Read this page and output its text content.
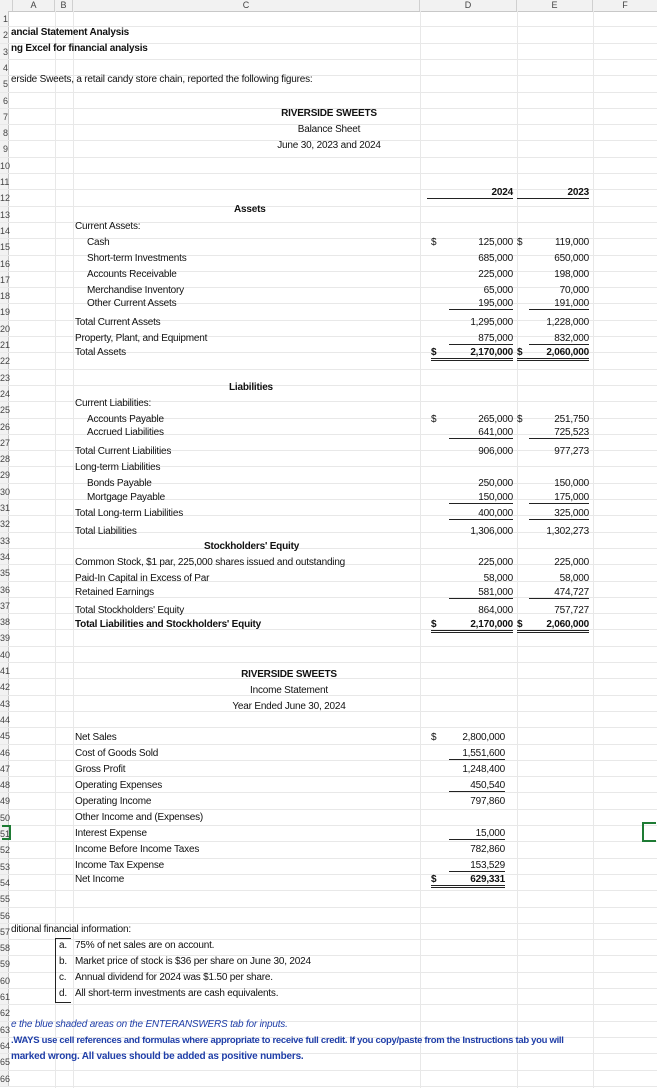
A	B	C	D	E	F
1
2
3
4
5
6
7
8
9
10
11
12
13
14
15
16
17
18
19
20
21
22
23
24
25
26
27
28
29
30
31
32
33
34
35
36
37
38
39
40
41
42
43
44
45
46
47
48
49
50
51
52
53
54
55
56
57
58
59
60
61
62
63
64
65
66
ancial Statement Analysis
ng Excel for financial analysis
erside Sweets, a retail candy store chain, reported the following figures:
RIVERSIDE SWEETS
Balance Sheet
June 30, 2023 and 2024
2024	2023
Assets
Current Assets:
Cash	$	125,000 $	119,000
Short-term Investments	685,000	650,000
Accounts Receivable	225,000	198,000
Merchandise Inventory	65,000	70,000
Other Current Assets	195,000	191,000
Total Current Assets	1,295,000	1,228,000
Property, Plant, and Equipment	875,000	832,000
Total Assets	$	2,170,000 $ 2,060,000
Liabilities
Current Liabilities:
Accounts Payable	$	265,000 $	251,750
Accrued Liabilities	641,000	725,523
Total Current Liabilities	906,000	977,273
Long-term Liabilities
Bonds Payable	250,000	150,000
Mortgage Payable	150,000	175,000
Total Long-term Liabilities	400,000	325,000
Total Liabilities	1,306,000	1,302,273
Stockholders' Equity
Common Stock, $1 par, 225,000 shares issued and outstanding	225,000	225,000
Paid-In Capital in Excess of Par	58,000	58,000
Retained Earnings	581,000	474,727
Total Stockholders' Equity	864,000	757,727
Total Liabilities and Stockholders' Equity	$	2,170,000 $ 2,060,000
RIVERSIDE SWEETS
Income Statement
Year Ended June 30, 2024
Net Sales	$	2,800,000
Cost of Goods Sold	1,551,600
Gross Profit	1,248,400
Operating Expenses	450,540
Operating Income	797,860
Other Income and (Expenses)
Interest Expense	15,000
Income Before Income Taxes	782,860
Income Tax Expense	153,529
Net Income	$	629,331
ditional financial information:
a. 75% of net sales are on account.
b. Market price of stock is $36 per share on June 30, 2024
c. Annual dividend for 2024 was $1.50 per share.
d. All short-term investments are cash equivalents.
e the blue shaded areas on the ENTERANSWERS tab for inputs.
.WAYS use cell references and formulas where appropriate to receive full credit. If you copy/paste from the Instructions tab you will
marked wrong. All values should be added as positive numbers.
